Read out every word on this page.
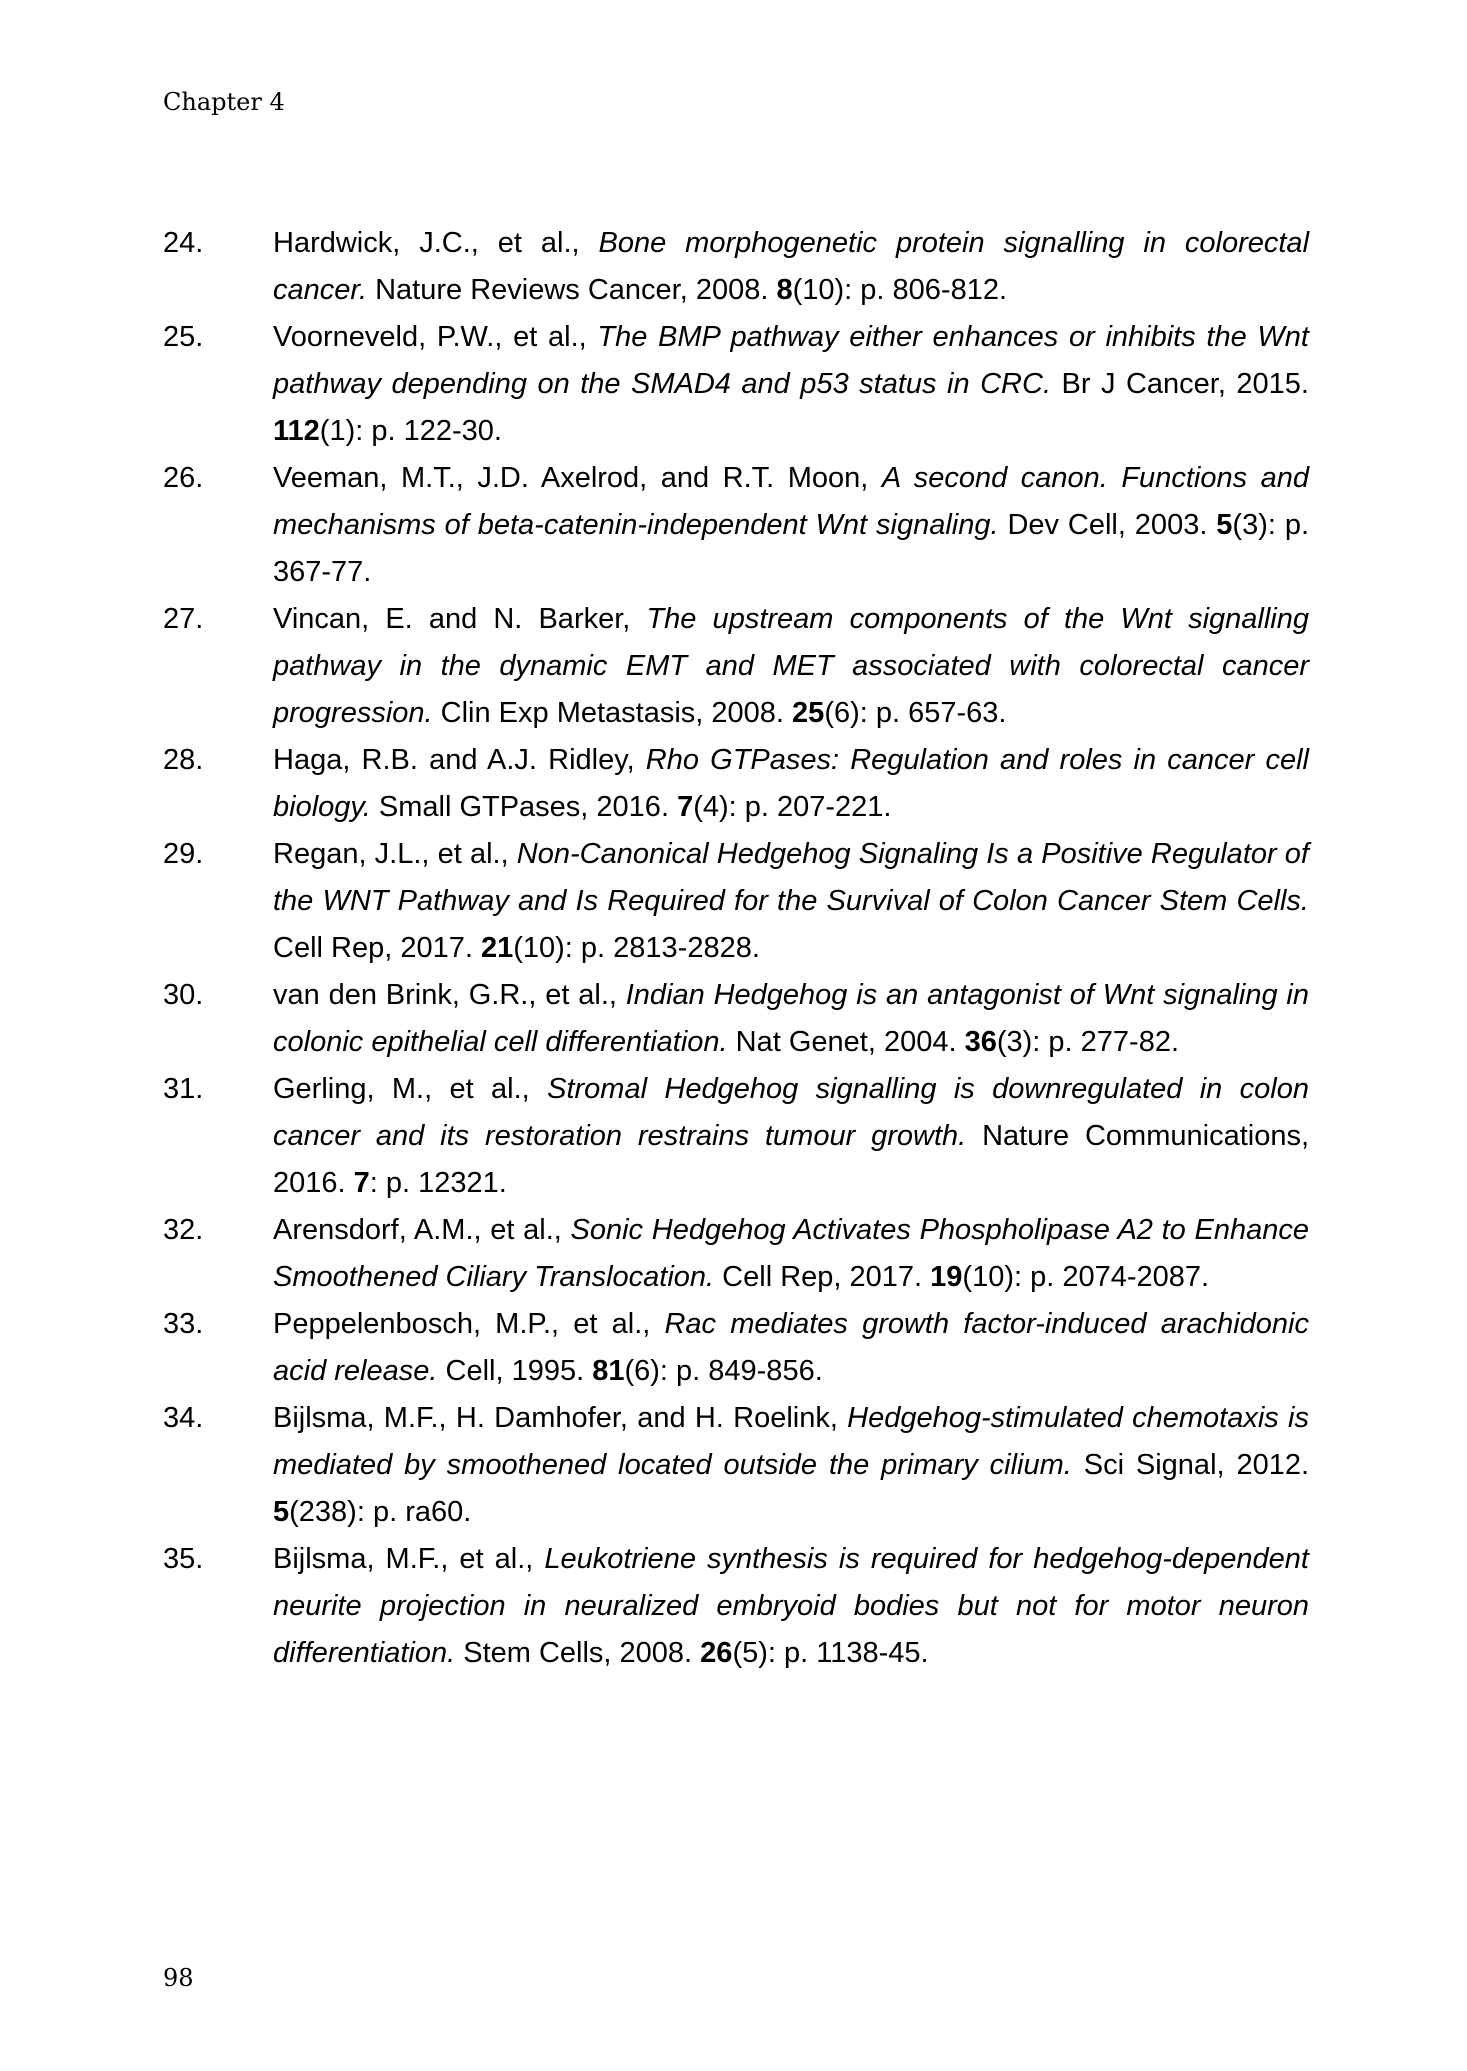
Chapter 4
24.	Hardwick, J.C., et al., Bone morphogenetic protein signalling in colorectal cancer. Nature Reviews Cancer, 2008. 8(10): p. 806-812.
25.	Voorneveld, P.W., et al., The BMP pathway either enhances or inhibits the Wnt pathway depending on the SMAD4 and p53 status in CRC. Br J Cancer, 2015. 112(1): p. 122-30.
26.	Veeman, M.T., J.D. Axelrod, and R.T. Moon, A second canon. Functions and mechanisms of beta-catenin-independent Wnt signaling. Dev Cell, 2003. 5(3): p. 367-77.
27.	Vincan, E. and N. Barker, The upstream components of the Wnt signalling pathway in the dynamic EMT and MET associated with colorectal cancer progression. Clin Exp Metastasis, 2008. 25(6): p. 657-63.
28.	Haga, R.B. and A.J. Ridley, Rho GTPases: Regulation and roles in cancer cell biology. Small GTPases, 2016. 7(4): p. 207-221.
29.	Regan, J.L., et al., Non-Canonical Hedgehog Signaling Is a Positive Regulator of the WNT Pathway and Is Required for the Survival of Colon Cancer Stem Cells. Cell Rep, 2017. 21(10): p. 2813-2828.
30.	van den Brink, G.R., et al., Indian Hedgehog is an antagonist of Wnt signaling in colonic epithelial cell differentiation. Nat Genet, 2004. 36(3): p. 277-82.
31.	Gerling, M., et al., Stromal Hedgehog signalling is downregulated in colon cancer and its restoration restrains tumour growth. Nature Communications, 2016. 7: p. 12321.
32.	Arensdorf, A.M., et al., Sonic Hedgehog Activates Phospholipase A2 to Enhance Smoothened Ciliary Translocation. Cell Rep, 2017. 19(10): p. 2074-2087.
33.	Peppelenbosch, M.P., et al., Rac mediates growth factor-induced arachidonic acid release. Cell, 1995. 81(6): p. 849-856.
34.	Bijlsma, M.F., H. Damhofer, and H. Roelink, Hedgehog-stimulated chemotaxis is mediated by smoothened located outside the primary cilium. Sci Signal, 2012. 5(238): p. ra60.
35.	Bijlsma, M.F., et al., Leukotriene synthesis is required for hedgehog-dependent neurite projection in neuralized embryoid bodies but not for motor neuron differentiation. Stem Cells, 2008. 26(5): p. 1138-45.
98
